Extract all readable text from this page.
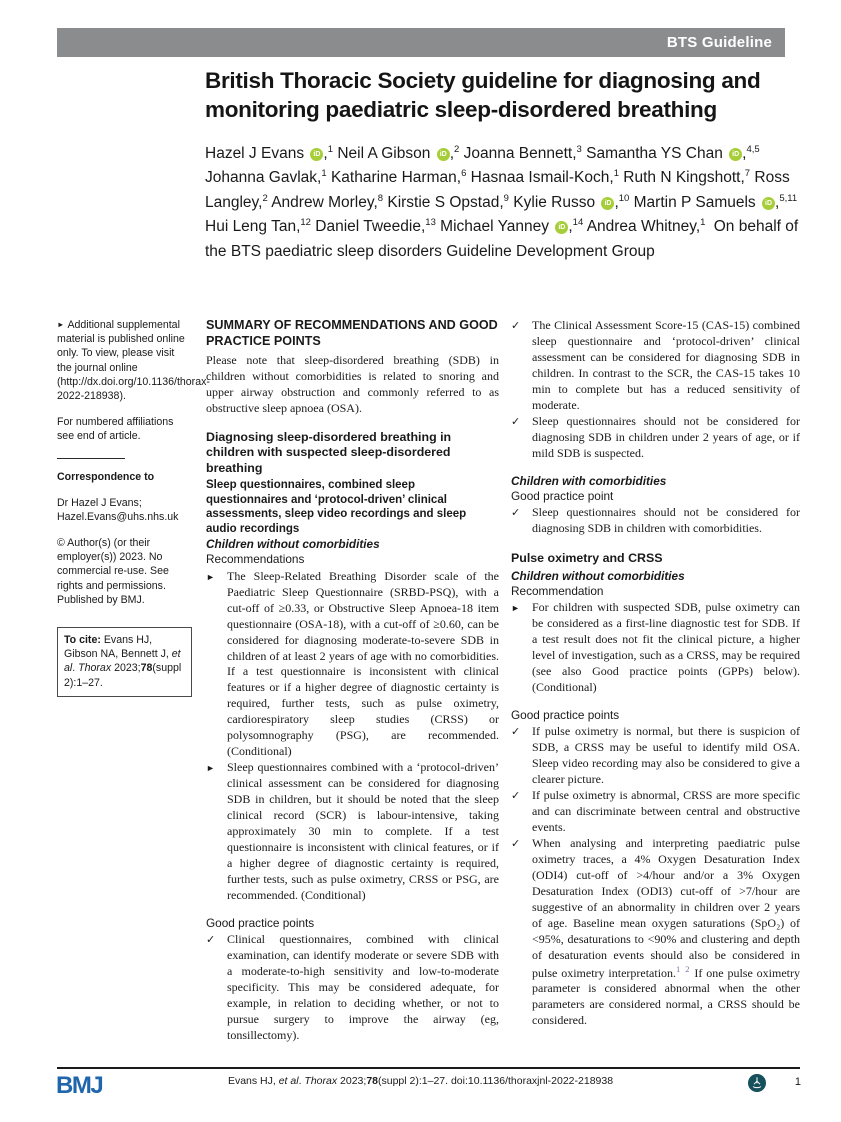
BTS Guideline
British Thoracic Society guideline for diagnosing and monitoring paediatric sleep-disordered breathing
Hazel J Evans iD ,$^1$ Neil A Gibson iD ,$^2$ Joanna Bennett,$^3$ Samantha YS Chan iD ,$^{4,5}$ Johanna Gavlak,$^1$ Katharine Harman,$^6$ Hasnaa Ismail-Koch,$^1$ Ruth N Kingshott,$^7$ Ross Langley,$^2$ Andrew Morley,$^8$ Kirstie S Opstad,$^9$ Kylie Russo iD ,$^{10}$ Martin P Samuels iD ,$^{5,11}$ Hui Leng Tan,$^{12}$ Daniel Tweedie,$^{13}$ Michael Yanney iD ,$^{14}$ Andrea Whitney,$^1$ On behalf of the BTS paediatric sleep disorders Guideline Development Group

► Additional supplemental material is published online only. To view, please visit the journal online (http://dx.doi.org/10.1136/thorax-2022-218938).

For numbered affiliations see end of article.

Correspondence to

Dr Hazel J Evans;
Hazel.Evans@uhs.nhs.uk

© Author(s) (or their employer(s)) 2023. No commercial re-use. See rights and permissions. Published by BMJ.

To cite: Evans HJ, Gibson NA, Bennett J, et al. Thorax 2023;78(suppl 2):1–27.

SUMMARY OF RECOMMENDATIONS AND GOOD PRACTICE POINTS

Please note that sleep-disordered breathing (SDB) in children without comorbidities is related to snoring and upper airway obstruction and commonly referred to as obstructive sleep apnoea (OSA).

Diagnosing sleep-disordered breathing in children with suspected sleep-disordered breathing

Sleep questionnaires, combined sleep questionnaires and ‘protocol-driven’ clinical assessments, sleep video recordings and sleep audio recordings

Children without comorbidities

Recommendations

►	The Sleep-Related Breathing Disorder scale of the Paediatric Sleep Questionnaire (SRBD-PSQ), with a cut-off of ≥0.33, or Obstructive Sleep Apnoea-18 item questionnaire (OSA-18), with a cut-off of ≥0.60, can be considered for diagnosing moderate-to-severe SDB in children of at least 2 years of age with no comorbidities. If a test questionnaire is inconsistent with clinical features or if a higher degree of diagnostic certainty is required, further tests, such as pulse oximetry, cardiorespiratory sleep studies (CRSS) or polysomnography (PSG), are recommended. (Conditional)

►	Sleep questionnaires combined with a ‘protocol-driven’ clinical assessment can be considered for diagnosing SDB in children, but it should be noted that the sleep clinical record (SCR) is labour-intensive, taking approximately 30 min to complete. If a test questionnaire is inconsistent with clinical features, or if a higher degree of diagnostic certainty is required, further tests, such as pulse oximetry, CRSS or PSG, are recommended. (Conditional)

Good practice points

✓ Clinical questionnaires, combined with clinical examination, can identify moderate or severe SDB with a moderate-to-high sensitivity and low-to-moderate specificity. This may be considered adequate, for example, in relation to deciding whether, or not to pursue surgery to improve the airway (eg, tonsillectomy).

✓ The Clinical Assessment Score-15 (CAS-15) combined sleep questionnaire and ‘protocol-driven’ clinical assessment can be considered for diagnosing SDB in children. In contrast to the SCR, the CAS-15 takes 10 min to complete but has a reduced sensitivity of moderate.

✓ Sleep questionnaires should not be considered for diagnosing SDB in children under 2 years of age, or if mild SDB is suspected.

Children with comorbidities

Good practice point

✓ Sleep questionnaires should not be considered for diagnosing SDB in children with comorbidities.

Pulse oximetry and CRSS

Children without comorbidities

Recommendation

►	For children with suspected SDB, pulse oximetry can be considered as a first-line diagnostic test for SDB. If a test result does not fit the clinical picture, a higher level of investigation, such as a CRSS, may be required (see also Good practice points (GPPs) below). (Conditional)

Good practice points

✓ If pulse oximetry is normal, but there is suspicion of SDB, a CRSS may be useful to identify mild OSA. Sleep video recording may also be considered to give a clearer picture.

✓ If pulse oximetry is abnormal, CRSS are more specific and can discriminate between central and obstructive events.

✓ When analysing and interpreting paediatric pulse oximetry traces, a 4% Oxygen Desaturation Index (ODI4) cut-off of >4/hour and/or a 3% Oxygen Desaturation Index (ODI3) cut-off of >7/hour are suggestive of an abnormality in children over 2 years of age. Baseline mean oxygen saturations (SpO₂) of <95%, desaturations to <90% and clustering and depth of desaturation events should also be considered in pulse oximetry interpretation.$^{1 2}$ If one pulse oximetry parameter is considered abnormal when the other parameters are considered normal, a CRSS should be considered.

BMJ	Evans HJ, et al. Thorax 2023;78(suppl 2):1–27. doi:10.1136/thoraxjnl-2022-218938	1
